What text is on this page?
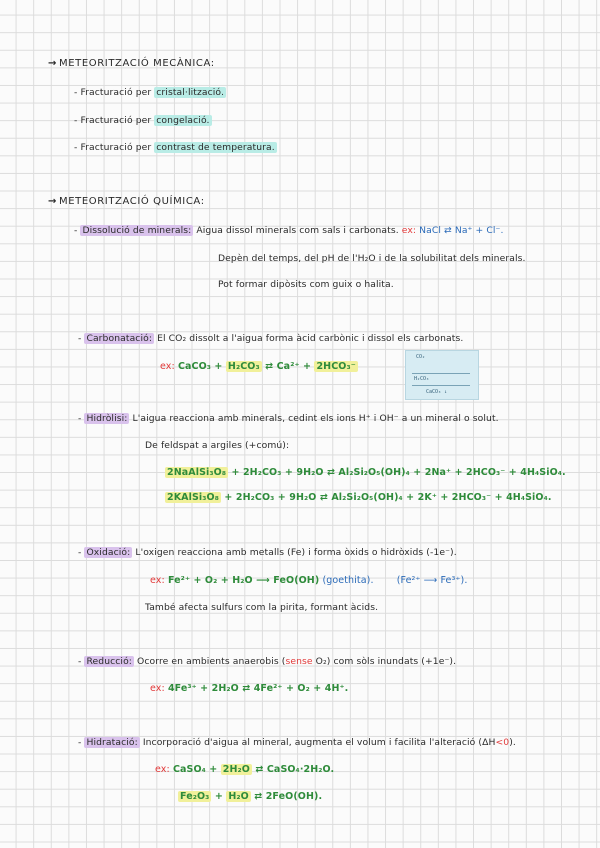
→ METEORITZACIÓ MECÀNICA:
- Fracturació per cristal·lització.
- Fracturació per congelació.
- Fracturació per contrast de temperatura.
→ METEORITZACIÓ QUÍMICA:
- Dissolució de minerals: Aigua dissol minerals com sals i carbonats. ex: NaCl ⇄ Na⁺ + Cl⁻.
Depèn del temps, del pH de l'H₂O i de la solubilitat dels minerals.
Pot formar dipòsits com guix o halita.
- Carbonatació: El CO₂ dissolt a l'aigua forma àcid carbònic i dissol els carbonats.
ex: CaCO₃ + H₂CO₃ ⇄ Ca²⁺ + 2HCO₃⁻
CO₂
H₂CO₃
CaCO₃ ↓
- Hidròlisi: L'aigua reacciona amb minerals, cedint els ions H⁺ i OH⁻ a un mineral o solut.
De feldspat a argiles (+comú):
2NaAlSi₃O₈ + 2H₂CO₃ + 9H₂O ⇄ Al₂Si₂O₅(OH)₄ + 2Na⁺ + 2HCO₃⁻ + 4H₄SiO₄.
2KAlSi₃O₈ + 2H₂CO₃ + 9H₂O ⇄ Al₂Si₂O₅(OH)₄ + 2K⁺ + 2HCO₃⁻ + 4H₄SiO₄.
- Oxidació: L'oxigen reacciona amb metalls (Fe) i forma òxids o hidròxids (-1e⁻).
ex: Fe²⁺ + O₂ + H₂O ⟶ FeO(OH) (goethita). (Fe²⁺ ⟶ Fe³⁺).
També afecta sulfurs com la pirita, formant àcids.
- Reducció: Ocorre en ambients anaerobis (sense O₂) com sòls inundats (+1e⁻).
ex: 4Fe³⁺ + 2H₂O ⇄ 4Fe²⁺ + O₂ + 4H⁺.
- Hidratació: Incorporació d'aigua al mineral, augmenta el volum i facilita l'alteració (ΔH<0).
ex: CaSO₄ + 2H₂O ⇄ CaSO₄·2H₂O.
Fe₂O₃ + H₂O ⇄ 2FeO(OH).
